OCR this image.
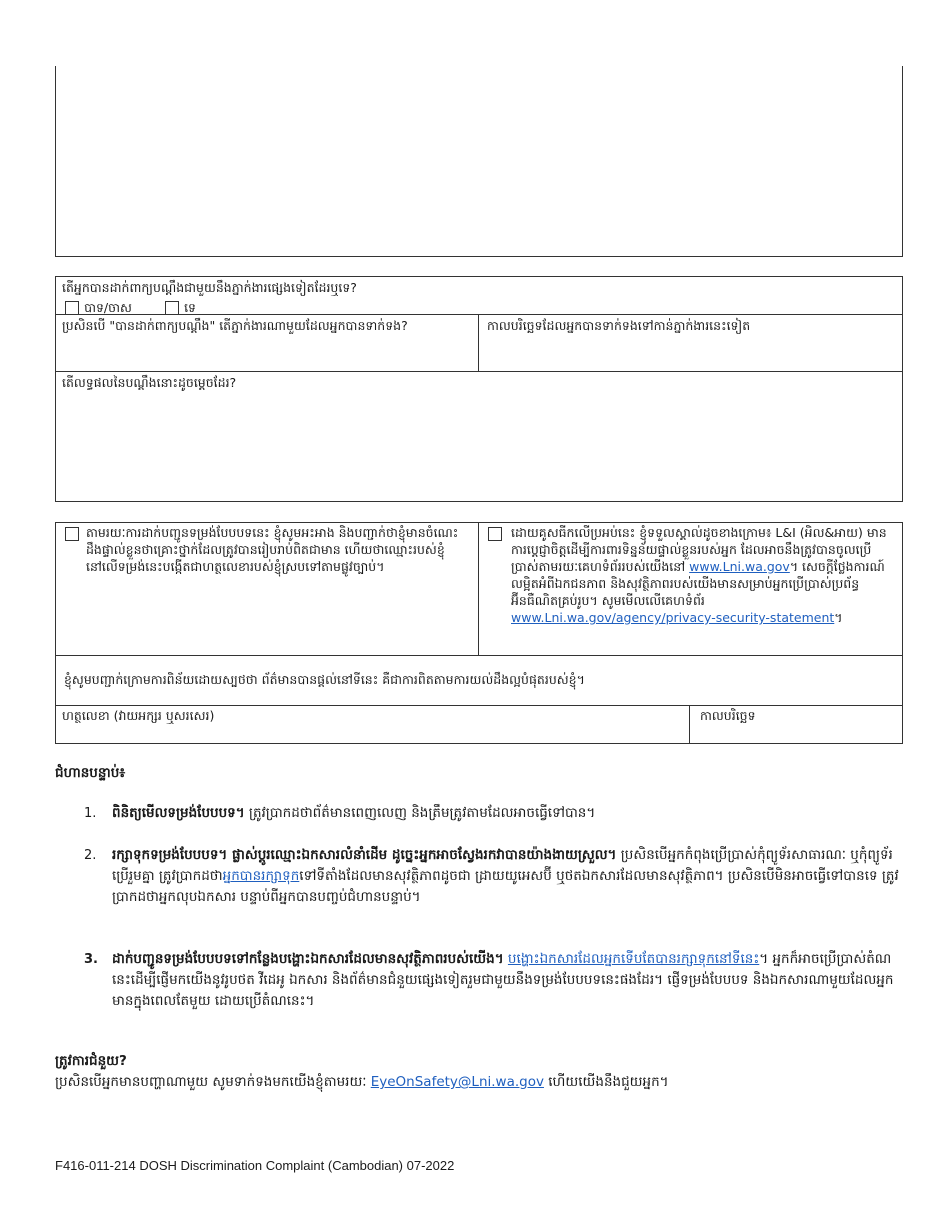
តើអ្នកបានដាក់ពាក្យបណ្ដឹងជាមួយនឹងភ្នាក់ងារផ្សេងទៀតដែរឬទេ?
បាទ/ចាស	ទេ
ប្រសិនបើ "បានដាក់ពាក្យបណ្ដឹង" តើភ្នាក់ងារណាមួយដែលអ្នកបានទាក់ទង?	កាលបរិច្ឆេទដែលអ្នកបានទាក់ទងទៅកាន់ភ្នាក់ងារនេះទៀត
តើលទ្ធផលនៃបណ្ដឹងនោះដូចម្ដេចដែរ?
តាមរយៈការដាក់បញ្ជូនទម្រង់បែបបទនេះ ខ្ញុំសូមអះអាង និងបញ្ជាក់ថាខ្ញុំមានចំណេះដឹងផ្ទាល់ខ្លួនថាគ្រោះថ្នាក់ដែលត្រូវបានរៀបរាប់ពិតជាមាន ហើយថាឈ្មោះរបស់ខ្ញុំនៅលើទម្រង់នេះបង្កើតជាហត្ថលេខារបស់ខ្ញុំស្របទៅតាមផ្លូវច្បាប់។
ដោយគូសធីកលើប្រអប់នេះ ខ្ញុំទទួលស្គាល់ដូចខាងក្រោម៖ L&I (អិល&អាយ) មានការប្ដេជ្ញាចិត្តដើម្បីការពារទិន្នន័យផ្ទាល់ខ្លួនរបស់អ្នក ដែលអាចនឹងត្រូវបានចូលប្រើប្រាស់តាមរយៈគេហទំព័ររបស់យើងនៅ www.Lni.wa.gov។ សេចក្តីថ្លែងការណ៍លម្អិតអំពីឯកជនភាព និងសុវត្ថិភាពរបស់យើងមានសម្រាប់អ្នកប្រើប្រាស់ប្រព័ន្ធអ៊ីនធឺណិតគ្រប់រូប។ សូមមើលលើគេហទំព័រ www.Lni.wa.gov/agency/privacy-security-statement។
ខ្ញុំសូមបញ្ជាក់ក្រោមការពិន័យដោយស្បថថា ព័ត៌មានបានផ្ដល់នៅទីនេះ គឺជាការពិតតាមការយល់ដឹងល្អបំផុតរបស់ខ្ញុំ។
ហត្ថលេខា (វាយអក្សរ ឬសរសេរ)	កាលបរិច្ឆេទ
ជំហានបន្ទាប់៖
1. ពិនិត្យមើលទម្រង់បែបបទ។ ត្រូវប្រាកដថាព័ត៌មានពេញលេញ និងត្រឹមត្រូវតាមដែលអាចធ្វើទៅបាន។
2. រក្សាទុកទម្រង់បែបបទ។ ផ្លាស់ប្ដូរឈ្មោះឯកសារលំនាំដើម ដូច្នេះអ្នកអាចស្វែងរកវាបានយ៉ាងងាយស្រួល។ ប្រសិនបើអ្នកកំពុងប្រើប្រាស់កុំព្យូទ័រសាធារណៈ ឬកុំព្យូទ័រប្រើរួមគ្នា ត្រូវប្រាកដថាអ្នកបានរក្សាទុកទៅទីតាំងដែលមានសុវត្ថិភាពដូចជា ដ្រាយយូអេសប៊ី ឬថតឯកសារដែលមានសុវត្ថិភាព។ ប្រសិនបើមិនអាចធ្វើទៅបានទេ ត្រូវប្រាកដថាអ្នកលុបឯកសារ បន្ទាប់ពីអ្នកបានបញ្ចប់ជំហានបន្ទាប់។
3. ដាក់បញ្ជូនទម្រង់បែបបទទៅកន្លែងបង្ហោះឯកសារដែលមានសុវត្ថិភាពរបស់យើង។ បង្ហោះឯកសារដែលអ្នកទើបតែបានរក្សាទុកនៅទីនេះ។ អ្នកក៏អាចប្រើប្រាស់តំណនេះដើម្បីផ្ញើមកយើងនូវរូបថត វីដេអូ ឯកសារ និងព័ត៌មានជំនួយផ្សេងទៀតរួមជាមួយនឹងទម្រង់បែបបទនេះផងដែរ។ ផ្ញើទម្រង់បែបបទ និងឯកសារណាមួយដែលអ្នកមានក្នុងពេលតែមួយ ដោយប្រើតំណនេះ។
ត្រូវការជំនួយ?
ប្រសិនបើអ្នកមានបញ្ហាណាមួយ សូមទាក់ទងមកយើងខ្ញុំតាមរយៈ EyeOnSafety@Lni.wa.gov ហើយយើងនឹងជួយអ្នក។
F416-011-214 DOSH Discrimination Complaint (Cambodian) 07-2022
